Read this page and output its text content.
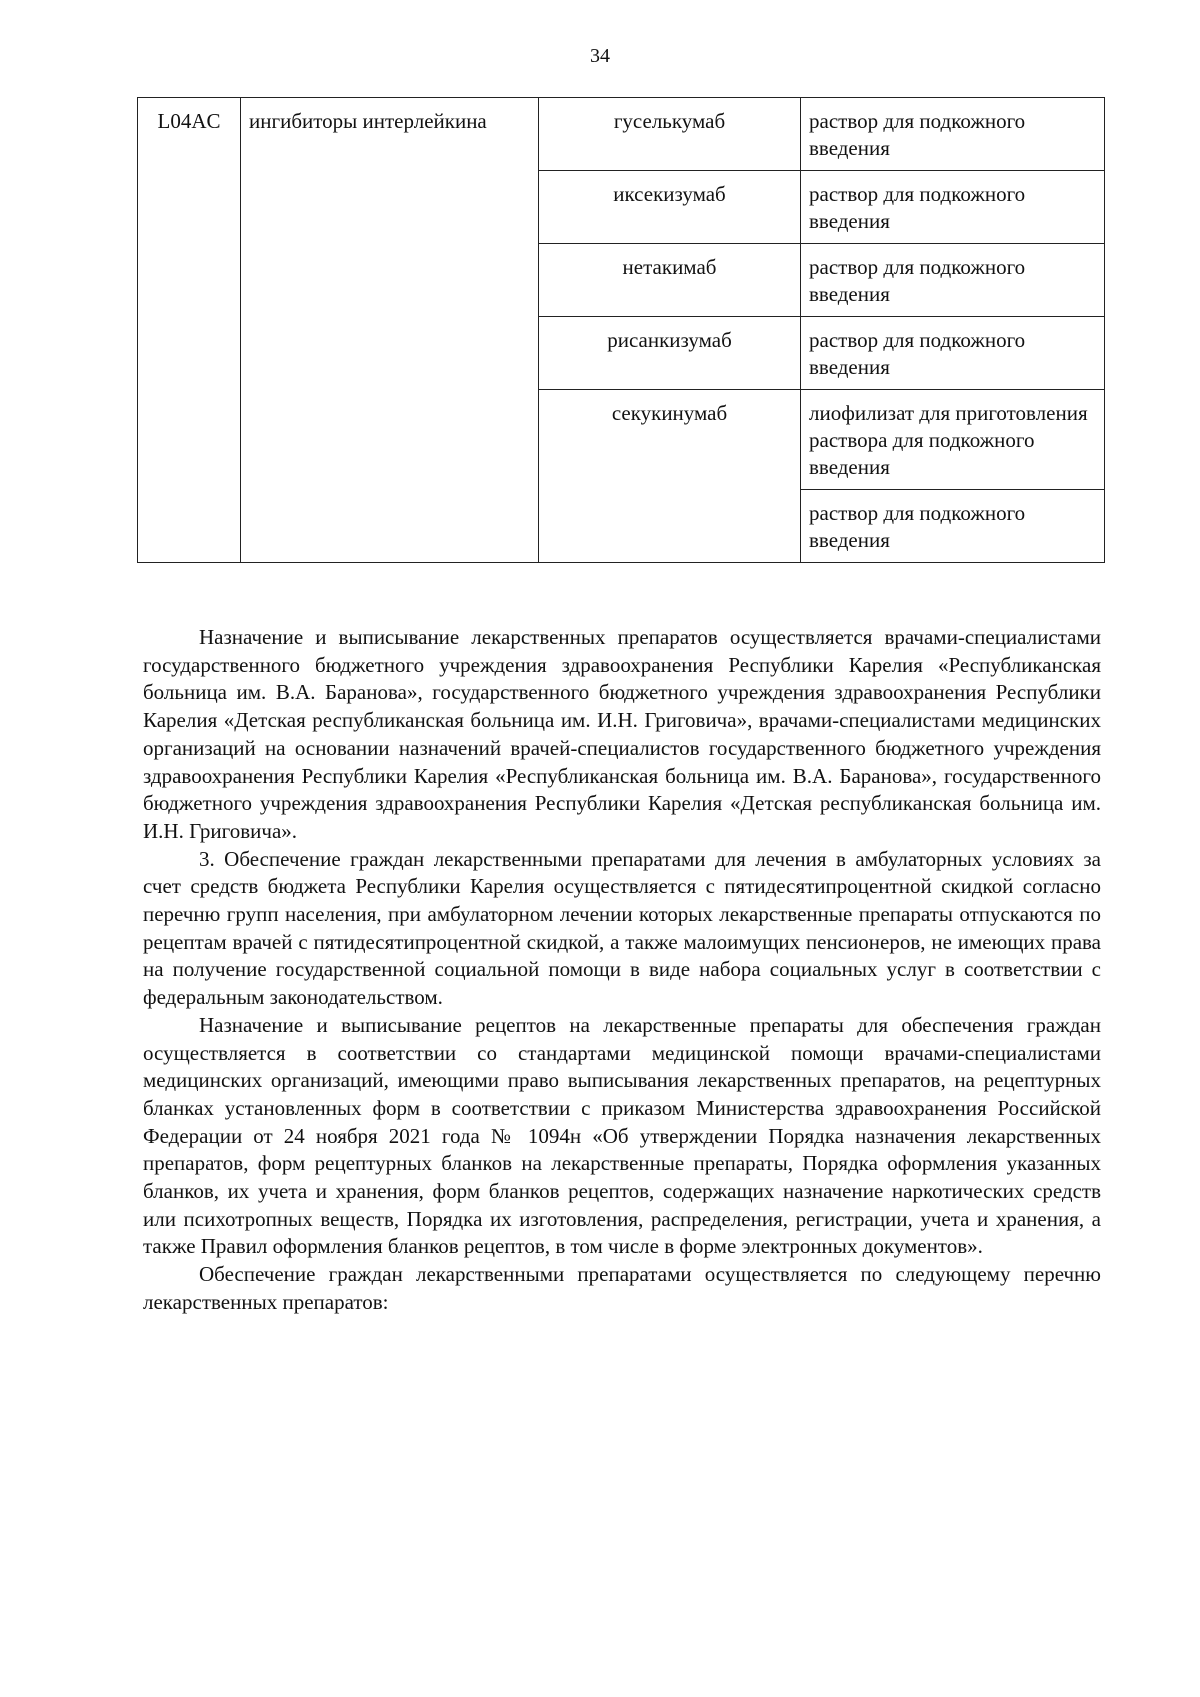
34
L04AC	ингибиторы интерлейкина	гуселькумаб	раствор для подкожного введения
		иксекизумаб	раствор для подкожного введения
		нетакимаб	раствор для подкожного введения
		рисанкизумаб	раствор для подкожного введения
		секукинумаб	лиофилизат для приготовления раствора для подкожного введения
			раствор для подкожного введения

Назначение и выписывание лекарственных препаратов осуществляется врачами-специалистами государственного бюджетного учреждения здравоохранения Республики Карелия «Республиканская больница им. В.А. Баранова», государственного бюджетного учреждения здравоохранения Республики Карелия «Детская республиканская больница им. И.Н. Григовича», врачами-специалистами медицинских организаций на основании назначений врачей-специалистов государственного бюджетного учреждения здравоохранения Республики Карелия «Республиканская больница им. В.А. Баранова», государственного бюджетного учреждения здравоохранения Республики Карелия «Детская республиканская больница им. И.Н. Григовича».

3. Обеспечение граждан лекарственными препаратами для лечения в амбулаторных условиях за счет средств бюджета Республики Карелия осуществляется с пятидесятипроцентной скидкой согласно перечню групп населения, при амбулаторном лечении которых лекарственные препараты отпускаются по рецептам врачей с пятидесятипроцентной скидкой, а также малоимущих пенсионеров, не имеющих права на получение государственной социальной помощи в виде набора социальных услуг в соответствии с федеральным законодательством.

Назначение и выписывание рецептов на лекарственные препараты для обеспечения граждан осуществляется в соответствии со стандартами медицинской помощи врачами-специалистами медицинских организаций, имеющими право выписывания лекарственных препаратов, на рецептурных бланках установленных форм в соответствии с приказом Министерства здравоохранения Российской Федерации от 24 ноября 2021 года № 1094н «Об утверждении Порядка назначения лекарственных препаратов, форм рецептурных бланков на лекарственные препараты, Порядка оформления указанных бланков, их учета и хранения, форм бланков рецептов, содержащих назначение наркотических средств или психотропных веществ, Порядка их изготовления, распределения, регистрации, учета и хранения, а также Правил оформления бланков рецептов, в том числе в форме электронных документов».

Обеспечение граждан лекарственными препаратами осуществляется по следующему перечню лекарственных препаратов:
